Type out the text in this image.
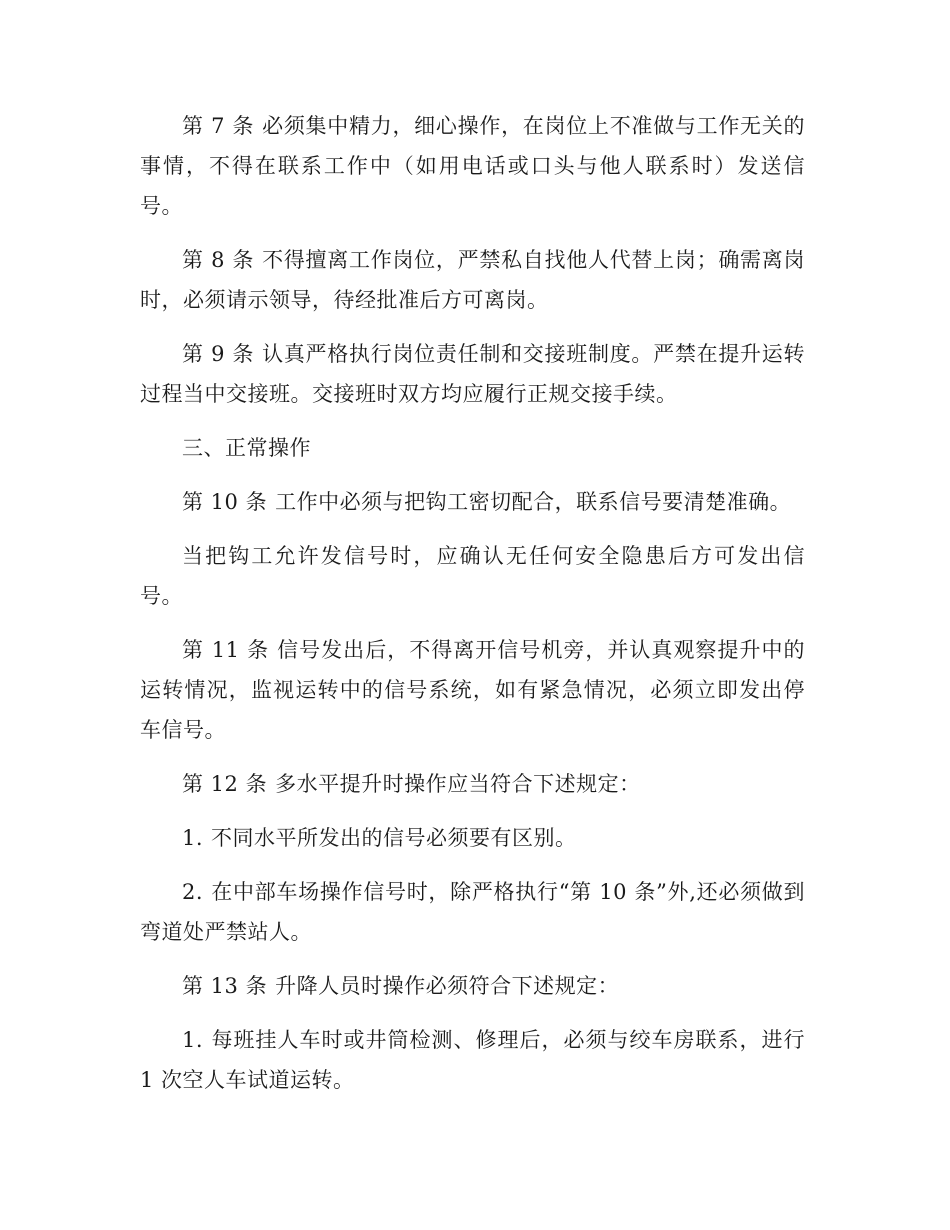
第 7 条 必须集中精力，细心操作，在岗位上不准做与工作无关的事情，不得在联系工作中（如用电话或口头与他人联系时）发送信号。

第 8 条 不得擅离工作岗位，严禁私自找他人代替上岗；确需离岗时，必须请示领导，待经批准后方可离岗。

第 9 条 认真严格执行岗位责任制和交接班制度。严禁在提升运转过程当中交接班。交接班时双方均应履行正规交接手续。

三、正常操作

第 10 条 工作中必须与把钩工密切配合，联系信号要清楚准确。

当把钩工允许发信号时，应确认无任何安全隐患后方可发出信号。

第 11 条 信号发出后，不得离开信号机旁，并认真观察提升中的运转情况，监视运转中的信号系统，如有紧急情况，必须立即发出停车信号。

第 12 条 多水平提升时操作应当符合下述规定：

1. 不同水平所发出的信号必须要有区别。

2. 在中部车场操作信号时，除严格执行“第 10 条”外,还必须做到弯道处严禁站人。

第 13 条 升降人员时操作必须符合下述规定：

1. 每班挂人车时或井筒检测、修理后，必须与绞车房联系，进行 1 次空人车试道运转。
